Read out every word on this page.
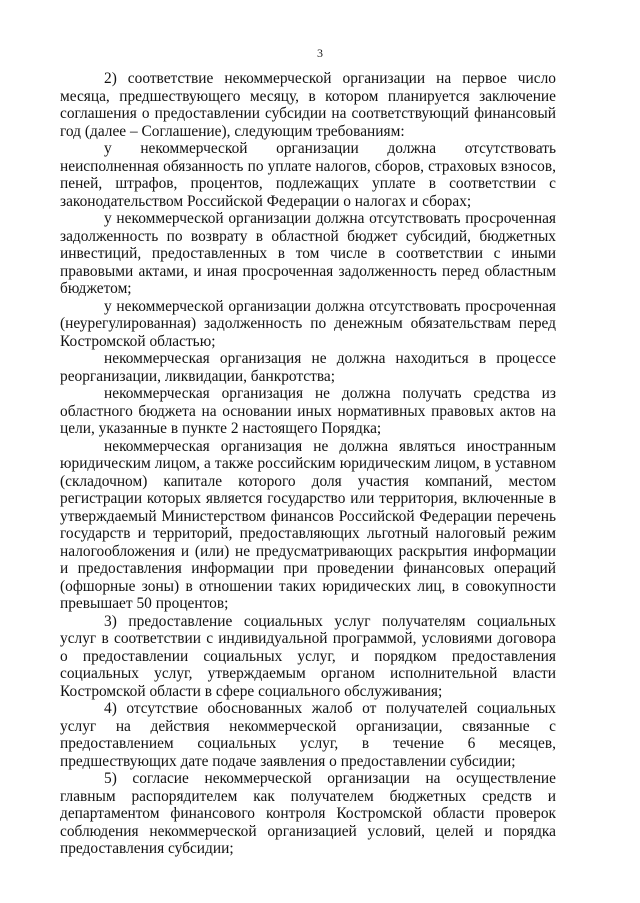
3

2) соответствие некоммерческой организации на первое число месяца, предшествующего месяцу, в котором планируется заключение соглашения о предоставлении субсидии на соответствующий финансовый год (далее – Соглашение), следующим требованиям:

у некоммерческой организации должна отсутствовать неисполненная обязанность по уплате налогов, сборов, страховых взносов, пеней, штрафов, процентов, подлежащих уплате в соответствии с законодательством Российской Федерации о налогах и сборах;

у некоммерческой организации должна отсутствовать просроченная задолженность по возврату в областной бюджет субсидий, бюджетных инвестиций, предоставленных в том числе в соответствии с иными правовыми актами, и иная просроченная задолженность перед областным бюджетом;

у некоммерческой организации должна отсутствовать просроченная (неурегулированная) задолженность по денежным обязательствам перед Костромской областью;

некоммерческая организация не должна находиться в процессе реорганизации, ликвидации, банкротства;

некоммерческая организация не должна получать средства из областного бюджета на основании иных нормативных правовых актов на цели, указанные в пункте 2 настоящего Порядка;

некоммерческая организация не должна являться иностранным юридическим лицом, а также российским юридическим лицом, в уставном (складочном) капитале которого доля участия компаний, местом регистрации которых является государство или территория, включенные в утверждаемый Министерством финансов Российской Федерации перечень государств и территорий, предоставляющих льготный налоговый режим налогообложения и (или) не предусматривающих раскрытия информации и предоставления информации при проведении финансовых операций (офшорные зоны) в отношении таких юридических лиц, в совокупности превышает 50 процентов;

3) предоставление социальных услуг получателям социальных услуг в соответствии с индивидуальной программой, условиями договора о предоставлении социальных услуг, и порядком предоставления социальных услуг, утверждаемым органом исполнительной власти Костромской области в сфере социального обслуживания;

4) отсутствие обоснованных жалоб от получателей социальных услуг на действия некоммерческой организации, связанные с предоставлением социальных услуг, в течение 6 месяцев, предшествующих дате подаче заявления о предоставлении субсидии;

5) согласие некоммерческой организации на осуществление главным распорядителем как получателем бюджетных средств и департаментом финансового контроля Костромской области проверок соблюдения некоммерческой организацией условий, целей и порядка предоставления субсидии;
